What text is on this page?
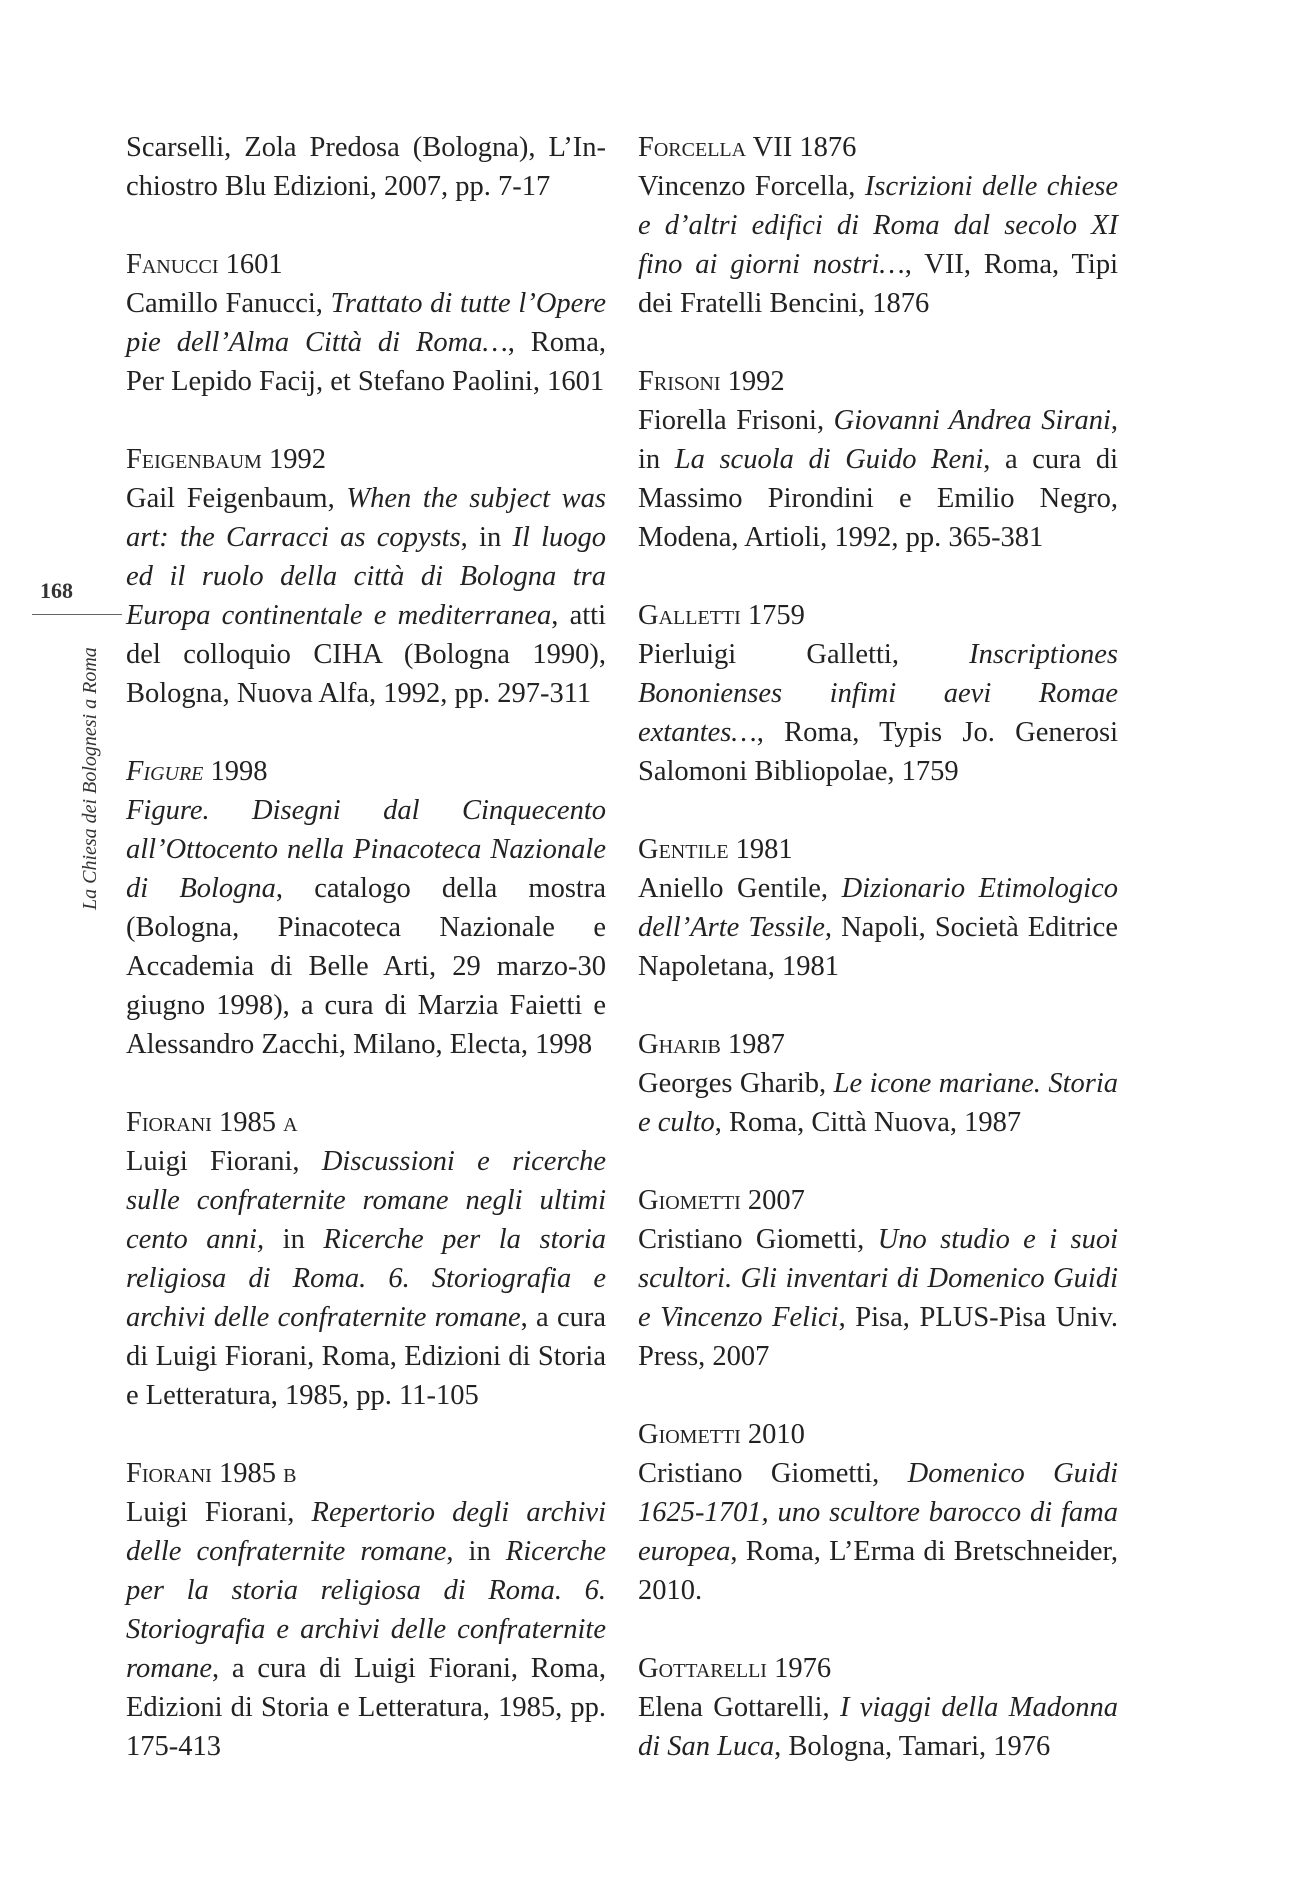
168
La Chiesa dei Bolognesi a Roma
Scarselli, Zola Predosa (Bologna), L’In-chiostro Blu Edizioni, 2007, pp. 7-17
Fanucci 1601
Camillo Fanucci, Trattato di tutte l’Opere pie dell’Alma Città di Roma…, Roma, Per Lepido Facij, et Stefano Paolini, 1601
Feigenbaum 1992
Gail Feigenbaum, When the subject was art: the Carracci as copysts, in Il luogo ed il ruolo della città di Bologna tra Europa continentale e mediterranea, atti del colloquio CIHA (Bologna 1990), Bologna, Nuova Alfa, 1992, pp. 297-311
Figure 1998
Figure. Disegni dal Cinquecento all’Ottocento nella Pinacoteca Nazionale di Bologna, catalogo della mostra (Bologna, Pinacoteca Nazionale e Accademia di Belle Arti, 29 marzo-30 giugno 1998), a cura di Marzia Faietti e Alessandro Zacchi, Milano, Electa, 1998
Fiorani 1985 a
Luigi Fiorani, Discussioni e ricerche sulle confraternite romane negli ultimi cento anni, in Ricerche per la storia religiosa di Roma. 6. Storiografia e archivi delle confraternite romane, a cura di Luigi Fiorani, Roma, Edizioni di Storia e Letteratura, 1985, pp. 11-105
Fiorani 1985 b
Luigi Fiorani, Repertorio degli archivi delle confraternite romane, in Ricerche per la storia religiosa di Roma. 6. Storiografia e archivi delle confraternite romane, a cura di Luigi Fiorani, Roma, Edizioni di Storia e Letteratura, 1985, pp. 175-413
Forcella VII 1876
Vincenzo Forcella, Iscrizioni delle chiese e d’altri edifici di Roma dal secolo XI fino ai giorni nostri…, VII, Roma, Tipi dei Fratelli Bencini, 1876
Frisoni 1992
Fiorella Frisoni, Giovanni Andrea Sirani, in La scuola di Guido Reni, a cura di Massimo Pirondini e Emilio Negro, Modena, Artioli, 1992, pp. 365-381
Galletti 1759
Pierluigi Galletti, Inscriptiones Bononienses infimi aevi Romae extantes…, Roma, Typis Jo. Generosi Salomoni Bibliopolae, 1759
Gentile 1981
Aniello Gentile, Dizionario Etimologico dell’Arte Tessile, Napoli, Società Editrice Napoletana, 1981
Gharib 1987
Georges Gharib, Le icone mariane. Storia e culto, Roma, Città Nuova, 1987
Giometti 2007
Cristiano Giometti, Uno studio e i suoi scultori. Gli inventari di Domenico Guidi e Vincenzo Felici, Pisa, PLUS-Pisa Univ. Press, 2007
Giometti 2010
Cristiano Giometti, Domenico Guidi 1625-1701, uno scultore barocco di fama europea, Roma, L’Erma di Bretschneider, 2010.
Gottarelli 1976
Elena Gottarelli, I viaggi della Madonna di San Luca, Bologna, Tamari, 1976
